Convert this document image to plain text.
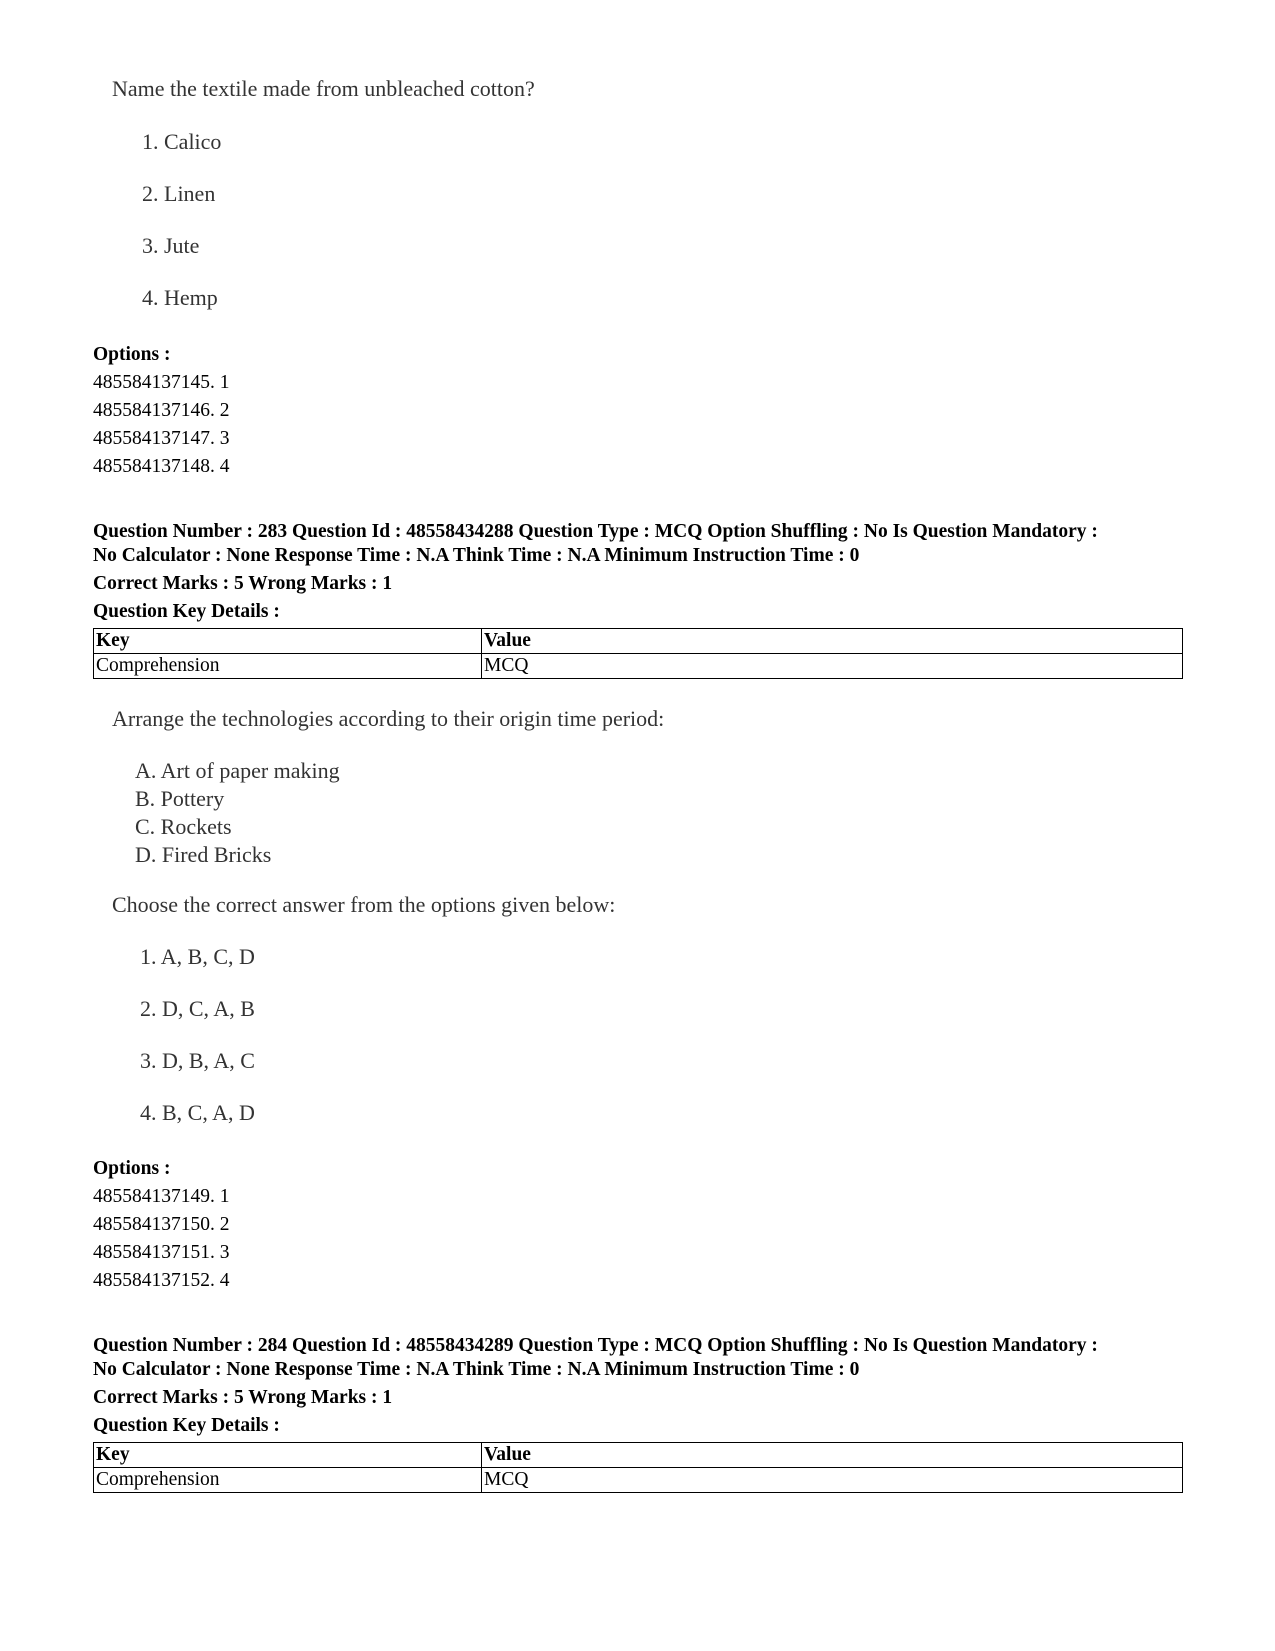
Name the textile made from unbleached cotton?
1. Calico
2. Linen
3. Jute
4. Hemp
Options :
485584137145. 1
485584137146. 2
485584137147. 3
485584137148. 4
Question Number : 283 Question Id : 48558434288 Question Type : MCQ Option Shuffling : No Is Question Mandatory :
No Calculator : None Response Time : N.A Think Time : N.A Minimum Instruction Time : 0
Correct Marks : 5 Wrong Marks : 1
Question Key Details :
Key	Value
Comprehension	MCQ
Arrange the technologies according to their origin time period:
A. Art of paper making
B. Pottery
C. Rockets
D. Fired Bricks
Choose the correct answer from the options given below:
1. A, B, C, D
2. D, C, A, B
3. D, B, A, C
4. B, C, A, D
Options :
485584137149. 1
485584137150. 2
485584137151. 3
485584137152. 4
Question Number : 284 Question Id : 48558434289 Question Type : MCQ Option Shuffling : No Is Question Mandatory :
No Calculator : None Response Time : N.A Think Time : N.A Minimum Instruction Time : 0
Correct Marks : 5 Wrong Marks : 1
Question Key Details :
Key	Value
Comprehension	MCQ
